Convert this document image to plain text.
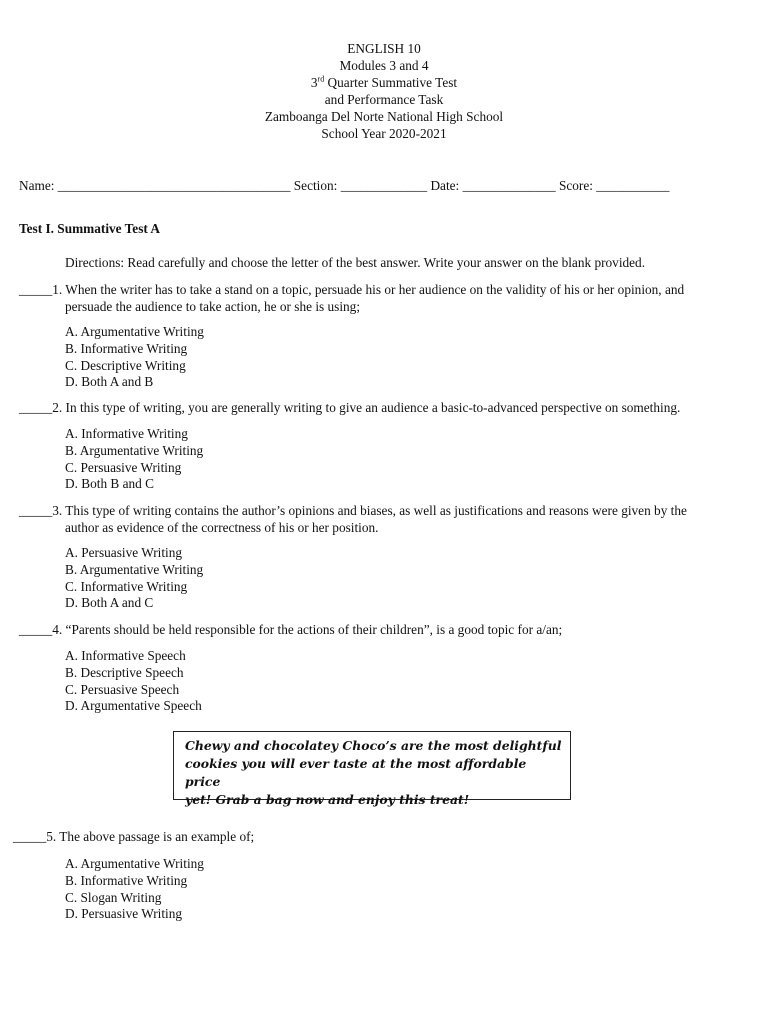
ENGLISH 10
Modules 3 and 4
3rd Quarter Summative Test
and Performance Task
Zamboanga Del Norte National High School
School Year 2020-2021
Name: ___________________________________ Section: _____________ Date: ______________ Score: ___________
Test I. Summative Test A
Directions: Read carefully and choose the letter of the best answer. Write your answer on the blank provided.
_____1. When the writer has to take a stand on a topic, persuade his or her audience on the validity of his or her opinion, and
persuade the audience to take action, he or she is using;
A. Argumentative Writing
B. Informative Writing
C. Descriptive Writing
D. Both A and B
_____2. In this type of writing, you are generally writing to give an audience a basic-to-advanced perspective on something.
A. Informative Writing
B. Argumentative Writing
C. Persuasive Writing
D. Both B and C
_____3. This type of writing contains the author’s opinions and biases, as well as justifications and reasons were given by the
author as evidence of the correctness of his or her position.
A. Persuasive Writing
B. Argumentative Writing
C. Informative Writing
D. Both A and C
_____4. “Parents should be held responsible for the actions of their children”, is a good topic for a/an;
A. Informative Speech
B. Descriptive Speech
C. Persuasive Speech
D. Argumentative Speech
Chewy and chocolatey Choco’s are the most delightful
cookies you will ever taste at the most affordable price
yet! Grab a bag now and enjoy this treat!
_____5. The above passage is an example of;
A. Argumentative Writing
B. Informative Writing
C. Slogan Writing
D. Persuasive Writing
